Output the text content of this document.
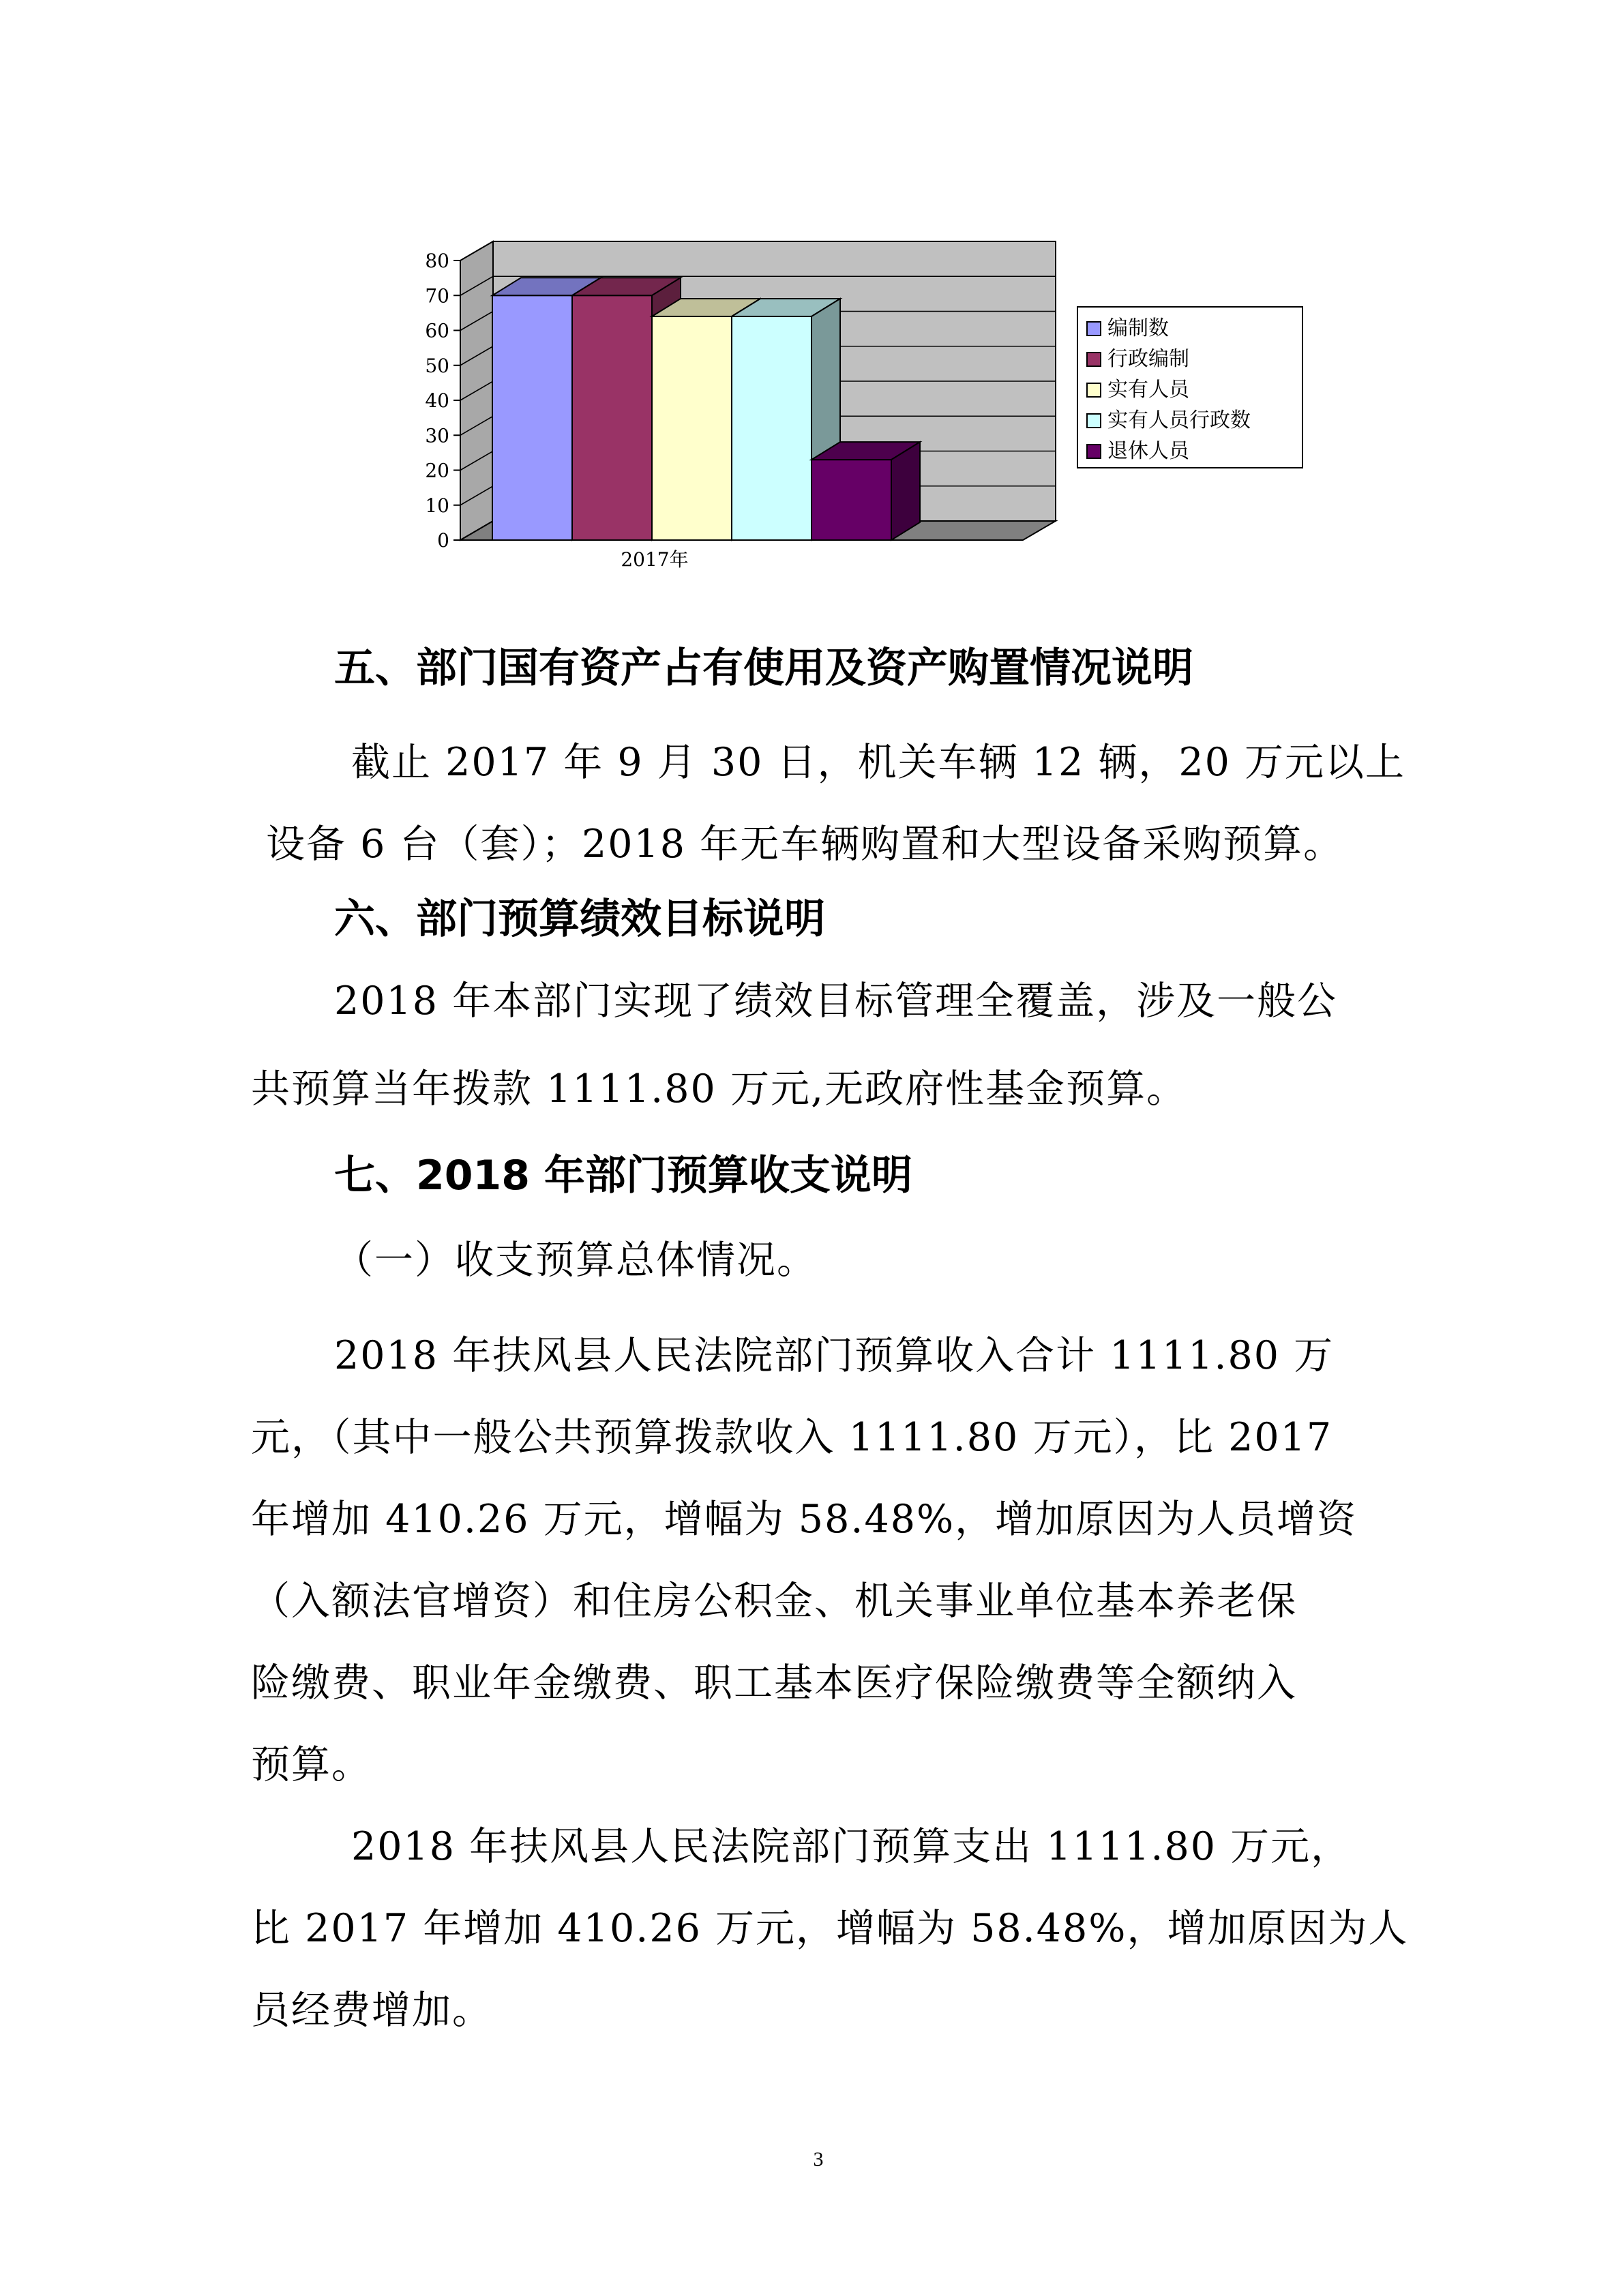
0
10
20
30
40
50
60
70
80
2017年
编制数
行政编制
实有人员
实有人员行政数
退休人员
五、部门国有资产占有使用及资产购置情况说明
截止 2017 年 9 月 30 日，机关车辆 12 辆，20 万元以上
设备 6 台（套）；2018 年无车辆购置和大型设备采购预算。
六、部门预算绩效目标说明
2018 年本部门实现了绩效目标管理全覆盖，涉及一般公
共预算当年拨款 1111.80 万元,无政府性基金预算。
七、2018 年部门预算收支说明
（一）收支预算总体情况。
2018 年扶风县人民法院部门预算收入合计 1111.80 万
元，（其中一般公共预算拨款收入 1111.80 万元），比 2017
年增加 410.26 万元，增幅为 58.48%，增加原因为人员增资
（入额法官增资）和住房公积金、机关事业单位基本养老保
险缴费、职业年金缴费、职工基本医疗保险缴费等全额纳入
预算。
2018 年扶风县人民法院部门预算支出 1111.80 万元，
比 2017 年增加 410.26 万元，增幅为 58.48%，增加原因为人
员经费增加。
3
